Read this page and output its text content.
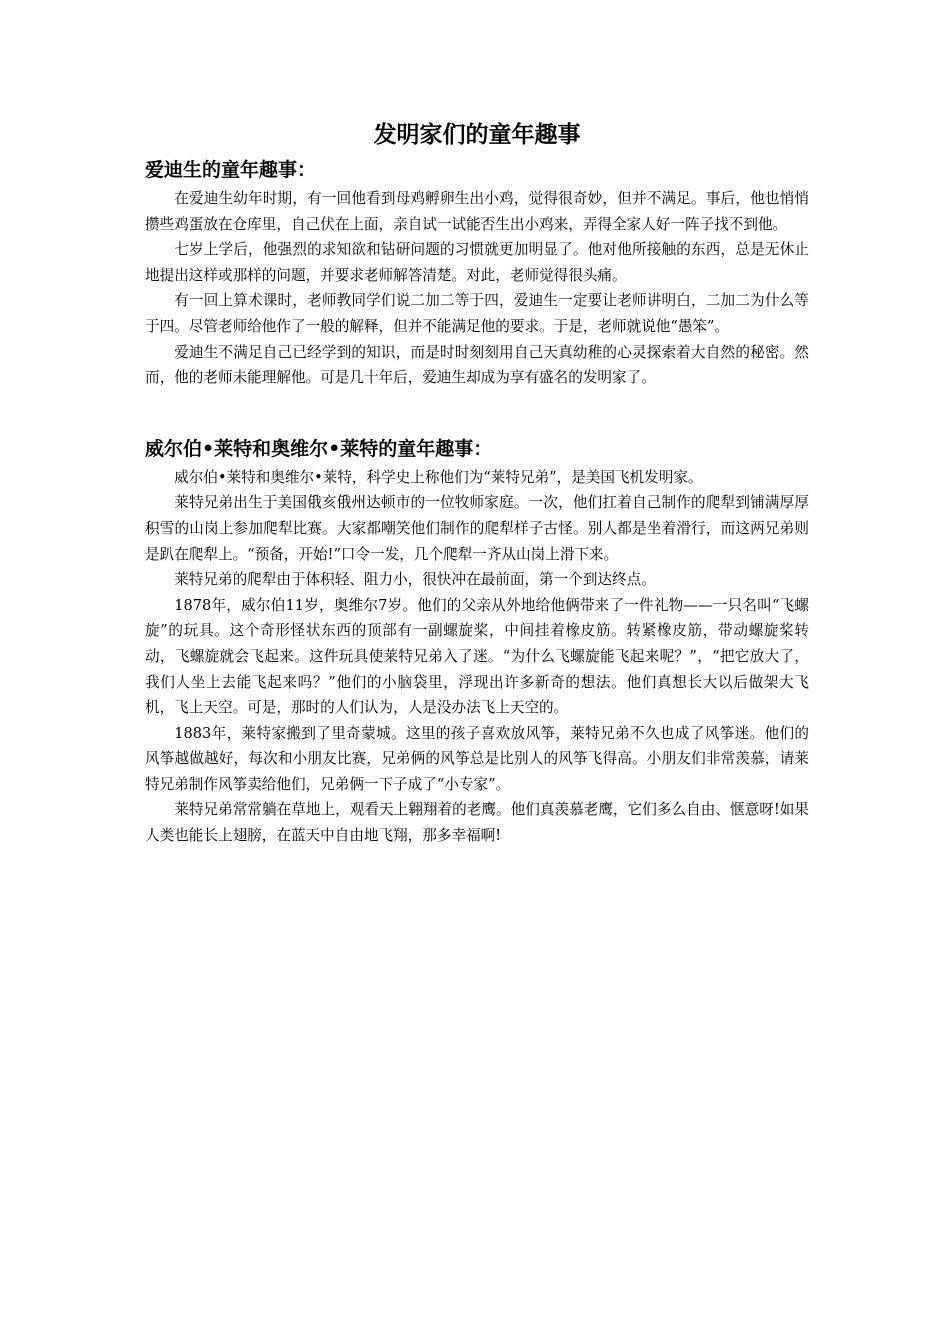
发明家们的童年趣事
爱迪生的童年趣事：

在爱迪生幼年时期，有一回他看到母鸡孵卵生出小鸡，觉得很奇妙，但并不满足。事后，他也悄悄攒些鸡蛋放在仓库里，自己伏在上面，亲自试一试能否生出小鸡来，弄得全家人好一阵子找不到他。

七岁上学后，他强烈的求知欲和钻研问题的习惯就更加明显了。他对他所接触的东西，总是无休止地提出这样或那样的问题，并要求老师解答清楚。对此，老师觉得很头痛。

有一回上算术课时，老师教同学们说二加二等于四，爱迪生一定要让老师讲明白，二加二为什么等于四。尽管老师给他作了一般的解释，但并不能满足他的要求。于是，老师就说他“愚笨”。

爱迪生不满足自己已经学到的知识，而是时时刻刻用自己天真幼稚的心灵探索着大自然的秘密。然而，他的老师未能理解他。可是几十年后，爱迪生却成为享有盛名的发明家了。

威尔伯•莱特和奥维尔•莱特的童年趣事：

威尔伯•莱特和奥维尔•莱特，科学史上称他们为“莱特兄弟”，是美国飞机发明家。

莱特兄弟出生于美国俄亥俄州达顿市的一位牧师家庭。一次，他们扛着自己制作的爬犁到铺满厚厚积雪的山岗上参加爬犁比赛。大家都嘲笑他们制作的爬犁样子古怪。别人都是坐着滑行，而这两兄弟则是趴在爬犁上。“预备，开始!”口令一发，几个爬犁一齐从山岗上滑下来。

莱特兄弟的爬犁由于体积轻、阻力小，很快冲在最前面，第一个到达终点。

1878年，威尔伯11岁，奥维尔7岁。他们的父亲从外地给他俩带来了一件礼物——一只名叫“飞螺旋”的玩具。这个奇形怪状东西的顶部有一副螺旋桨，中间挂着橡皮筋。转紧橡皮筋，带动螺旋桨转动，飞螺旋就会飞起来。这件玩具使莱特兄弟入了迷。“为什么飞螺旋能飞起来呢？”，“把它放大了，我们人坐上去能飞起来吗？”他们的小脑袋里，浮现出许多新奇的想法。他们真想长大以后做架大飞机，飞上天空。可是，那时的人们认为，人是没办法飞上天空的。

1883年，莱特家搬到了里奇蒙城。这里的孩子喜欢放风筝，莱特兄弟不久也成了风筝迷。他们的风筝越做越好，每次和小朋友比赛，兄弟俩的风筝总是比别人的风筝飞得高。小朋友们非常羡慕，请莱特兄弟制作风筝卖给他们，兄弟俩一下子成了“小专家”。

莱特兄弟常常躺在草地上，观看天上翱翔着的老鹰。他们真羡慕老鹰，它们多么自由、惬意呀!如果人类也能长上翅膀，在蓝天中自由地飞翔，那多幸福啊!
